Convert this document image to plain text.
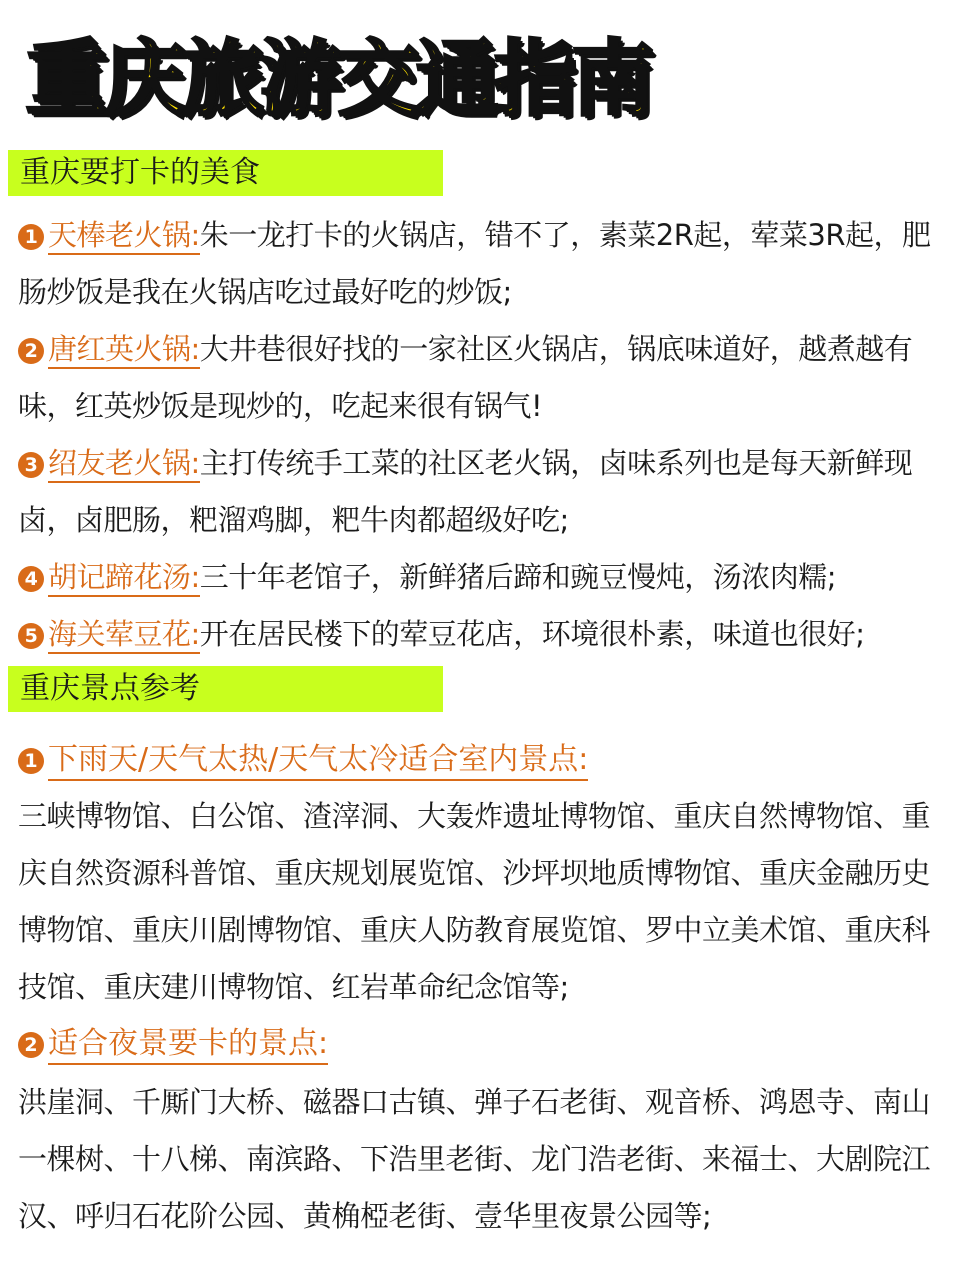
重庆旅游交通指南
重庆要打卡的美食
1 天棒老火锅:朱一龙打卡的火锅店，错不了，素菜2R起，荤菜3R起，肥肠炒饭是我在火锅店吃过最好吃的炒饭;
2 唐红英火锅:大井巷很好找的一家社区火锅店，锅底味道好，越煮越有味，红英炒饭是现炒的，吃起来很有锅气!
3 绍友老火锅:主打传统手工菜的社区老火锅，卤味系列也是每天新鲜现卤，卤肥肠，粑溜鸡脚，粑牛肉都超级好吃;
4 胡记蹄花汤:三十年老馆子，新鲜猪后蹄和豌豆慢炖，汤浓肉糯;
5 海关荤豆花:开在居民楼下的荤豆花店，环境很朴素，味道也很好;
重庆景点参考
1 下雨天/天气太热/天气太冷适合室内景点:
三峡博物馆、白公馆、渣滓洞、大轰炸遗址博物馆、重庆自然博物馆、重庆自然资源科普馆、重庆规划展览馆、沙坪坝地质博物馆、重庆金融历史博物馆、重庆川剧博物馆、重庆人防教育展览馆、罗中立美术馆、重庆科技馆、重庆建川博物馆、红岩革命纪念馆等;
2 适合夜景要卡的景点:
洪崖洞、千厮门大桥、磁器口古镇、弹子石老街、观音桥、鸿恩寺、南山一棵树、十八梯、南滨路、下浩里老街、龙门浩老街、来福士、大剧院江汉、呼归石花阶公园、黄桷椏老街、壹华里夜景公园等;
